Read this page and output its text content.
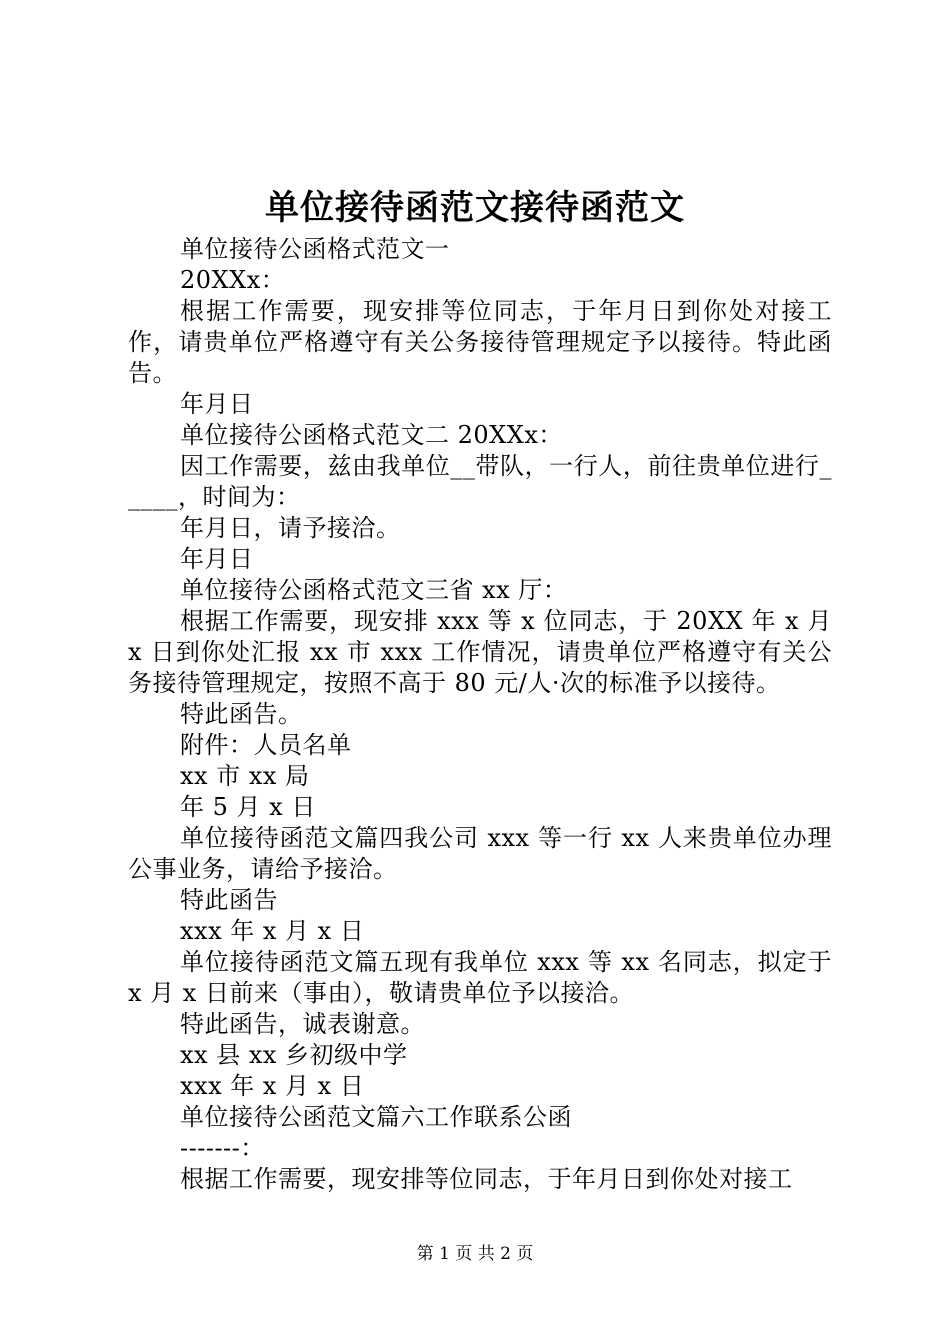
单位接待函范文接待函范文

单位接待公函格式范文一

20XXx：

根据工作需要，现安排等位同志，于年月日到你处对接工作，请贵单位严格遵守有关公务接待管理规定予以接待。特此函告。

年月日

单位接待公函格式范文二 20XXx：

因工作需要，兹由我单位__带队，一行人，前往贵单位进行_____，时间为：

年月日，请予接洽。

年月日

单位接待公函格式范文三省 xx 厅：

根据工作需要，现安排 xxx 等 x 位同志，于 20XX 年 x 月 x 日到你处汇报 xx 市 xxx 工作情况，请贵单位严格遵守有关公务接待管理规定，按照不高于 80 元/人·次的标准予以接待。

特此函告。

附件：人员名单

xx 市 xx 局

年 5 月 x 日

单位接待函范文篇四我公司 xxx 等一行 xx 人来贵单位办理公事业务，请给予接洽。

特此函告

xxx 年 x 月 x 日

单位接待函范文篇五现有我单位 xxx 等 xx 名同志，拟定于 x 月 x 日前来（事由），敬请贵单位予以接洽。

特此函告，诚表谢意。

xx 县 xx 乡初级中学

xxx 年 x 月 x 日

单位接待公函范文篇六工作联系公函

-------：

根据工作需要，现安排等位同志，于年月日到你处对接工

第 1 页 共 2 页
